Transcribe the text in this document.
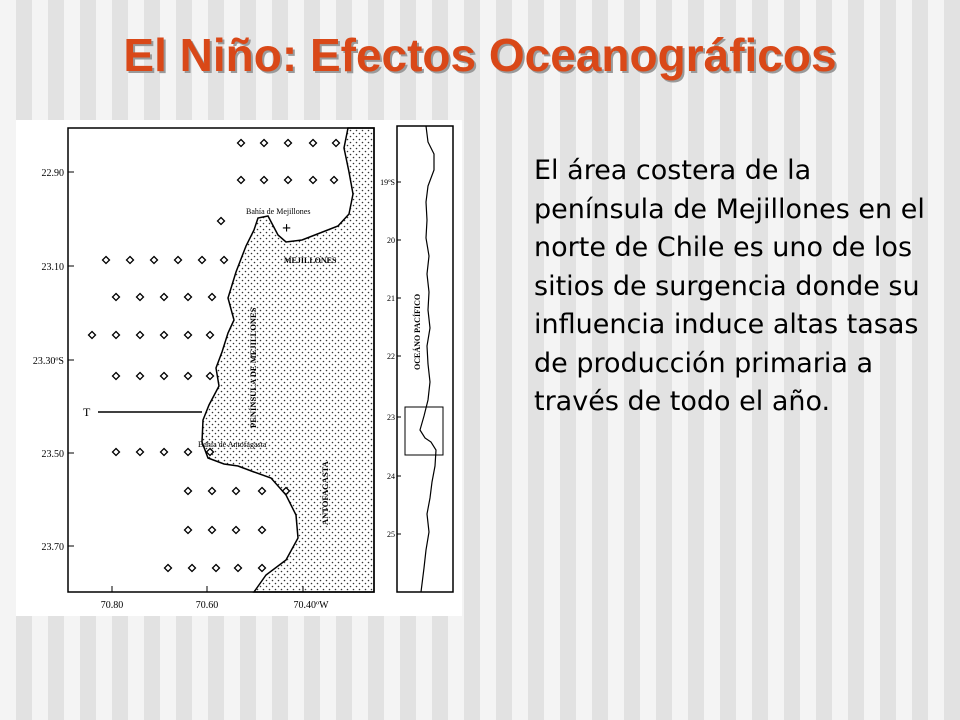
El Niño: Efectos Oceanográficos
22.90
23.10
23.30ºS
23.50
23.70
70.80	70.60	70.40ºW
T
+
Bahía de Mejillones
Bahía de Antofagasta
MEJILLONES
PENÍNSULA DE MEJILLONES
ANTOFAGASTA
19ºS
20
21
22
23
24
25
OCEÁNO PACÍFICO

El área costera de la península de Mejillones en el norte de Chile es uno de los sitios de surgencia donde su influencia induce altas tasas de producción primaria a través de todo el año.
